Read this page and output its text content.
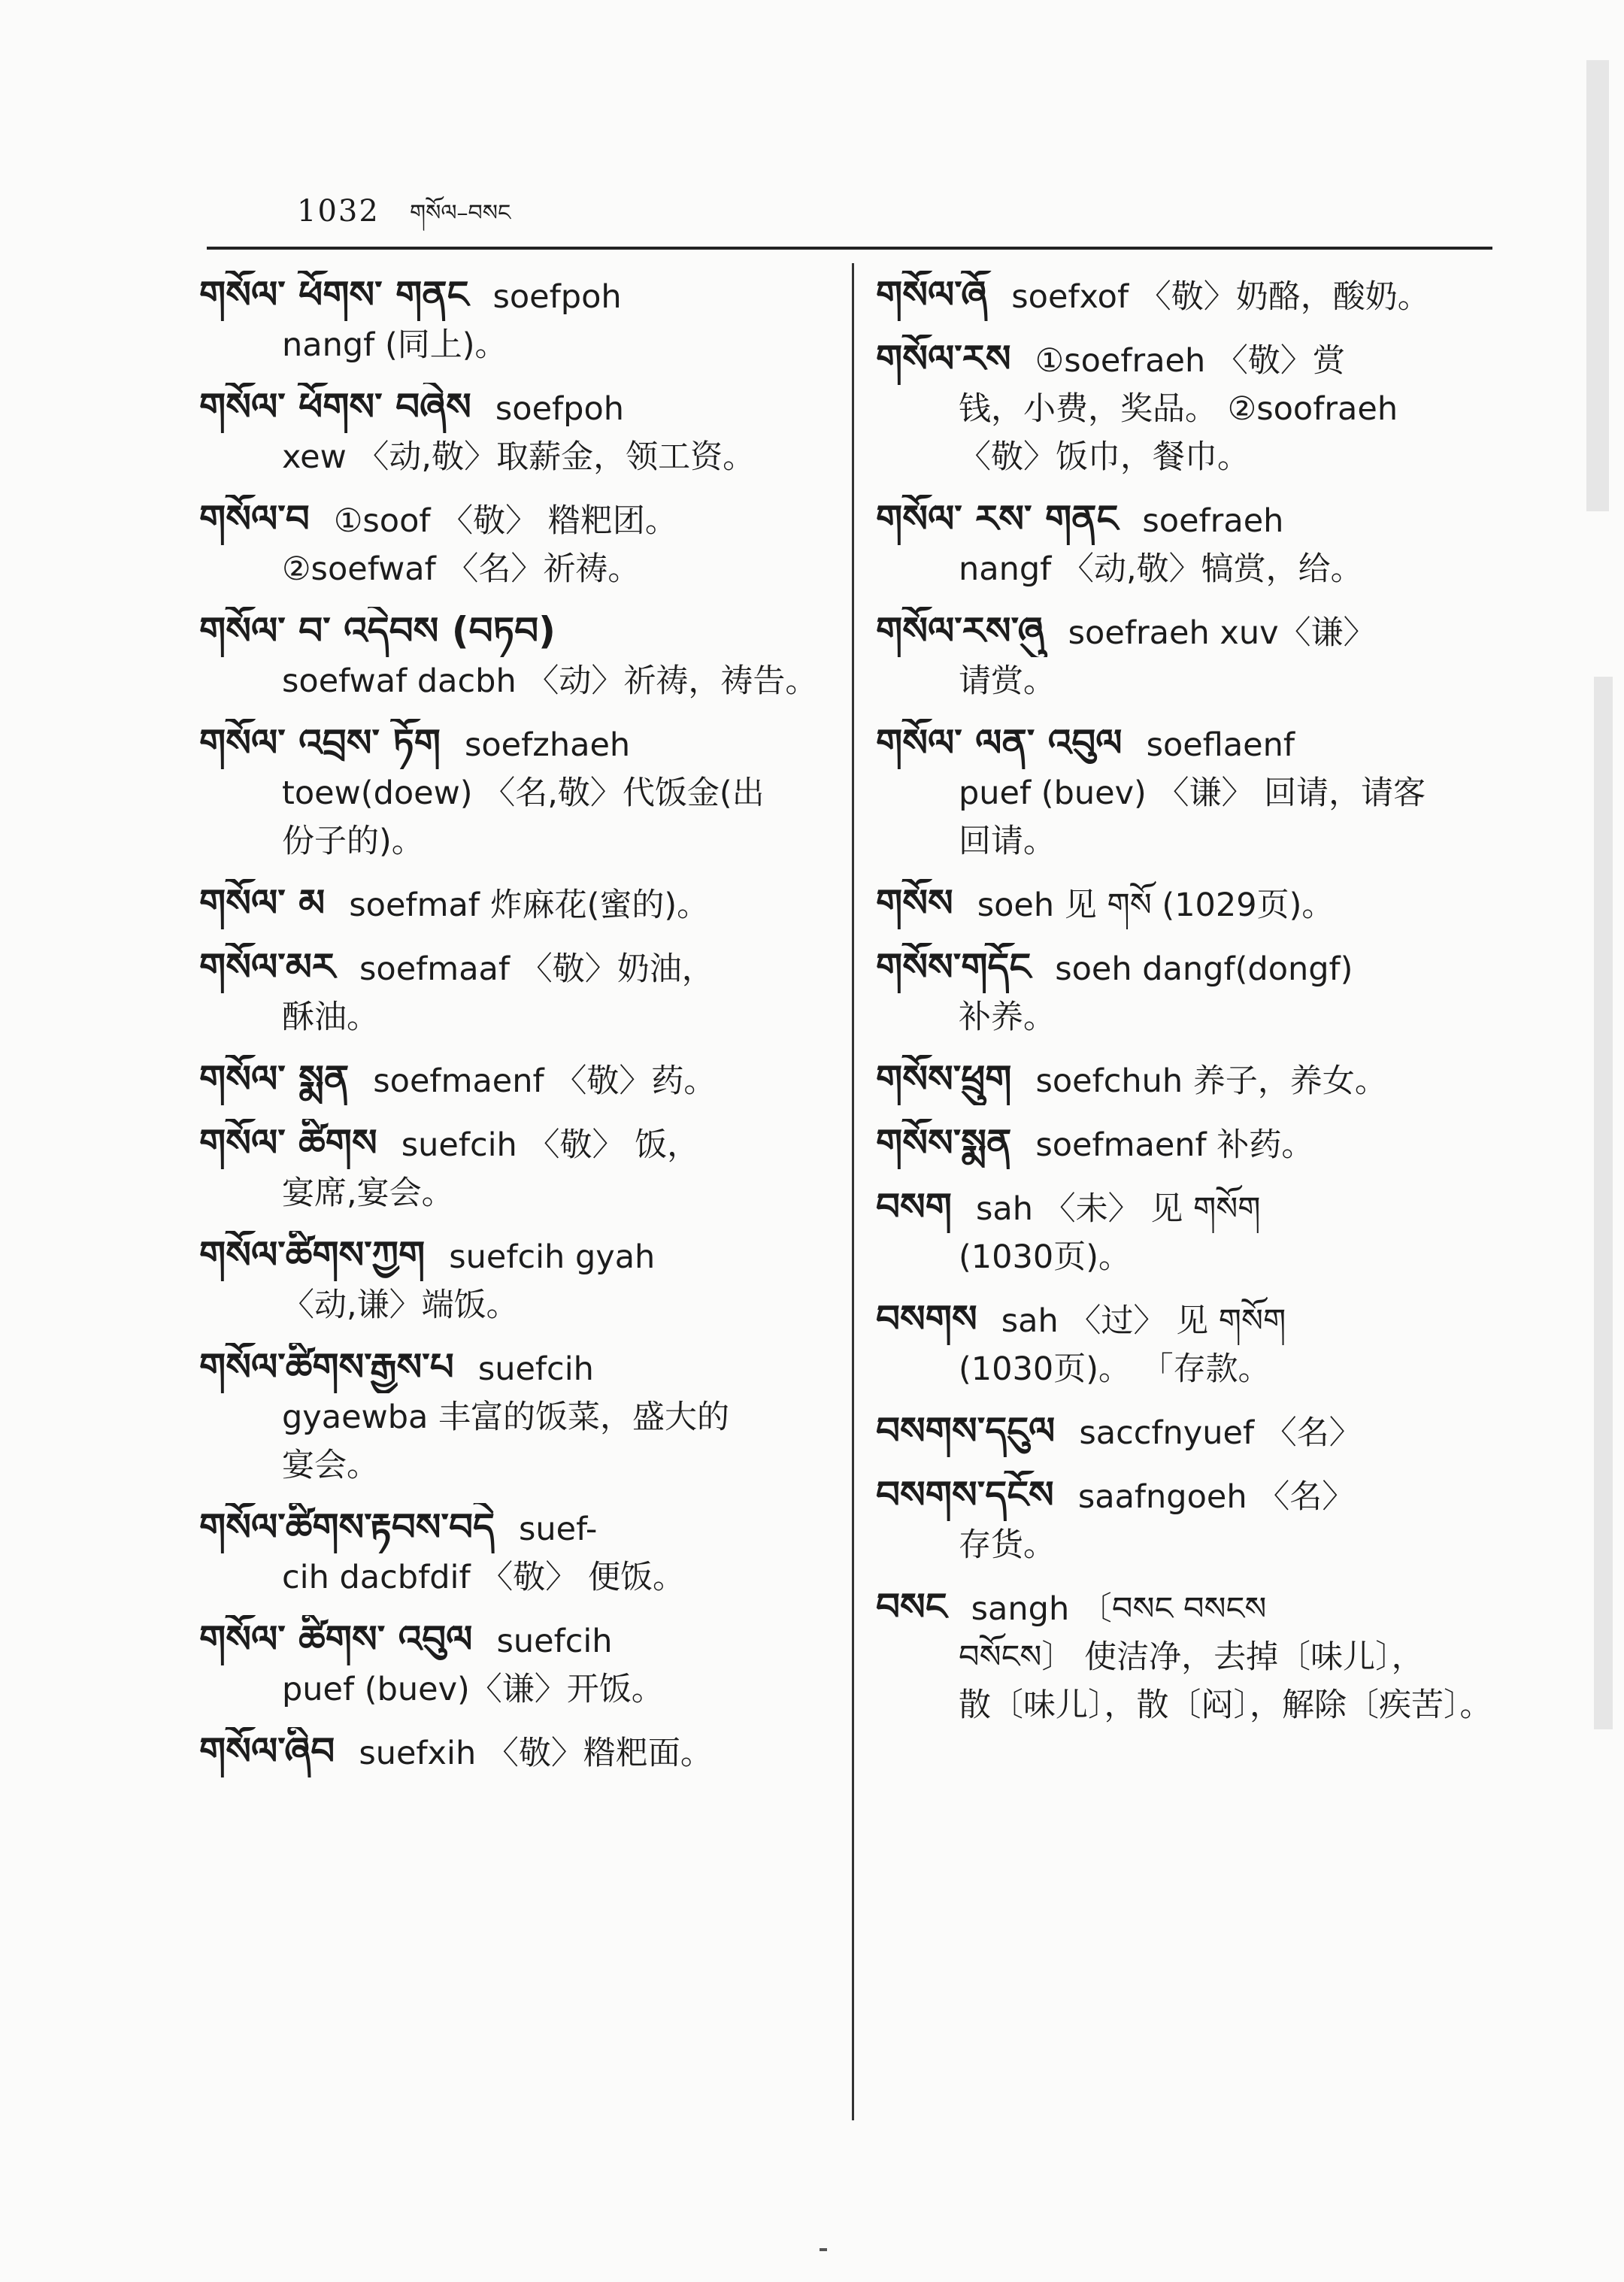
1032 གསོལ–བསང
གསོལ་ ཕོགས་ གནང soefpoh
nangf (同上)。
གསོལ་ ཕོགས་ བཞེས soefpoh
xew 〈动,敬〉取薪金，领工资。
གསོལ་བ ①soof 〈敬〉 糌粑团。
②soefwaf 〈名〉祈祷。
གསོལ་ བ་ འདེབས (བཏབ)
soefwaf dacbh 〈动〉祈祷，祷告。
གསོལ་ འབྲས་ ཏོག soefzhaeh
toew(doew) 〈名,敬〉代饭金(出
份子的)。
གསོལ་ མ soefmaf 炸麻花(蜜的)。
གསོལ་མར soefmaaf 〈敬〉奶油，
酥油。
གསོལ་ སྨན soefmaenf 〈敬〉药。
གསོལ་ ཚིགས suefcih 〈敬〉 饭，
宴席,宴会。
གསོལ་ཚིགས་ཀྱག suefcih gyah
〈动,谦〉端饭。
གསོལ་ཚིགས་རྒྱས་པ suefcih
gyaewba 丰富的饭菜，盛大的
宴会。
གསོལ་ཚིགས་རྟབས་བདེ suef-
cih dacbfdif 〈敬〉 便饭。
གསོལ་ ཚིགས་ འབུལ suefcih
puef (buev)〈谦〉开饭。
གསོལ་ཞིབ suefxih 〈敬〉糌粑面。
གསོལ་ཞོ soefxof 〈敬〉奶酪，酸奶。
གསོལ་རས ①soefraeh 〈敬〉赏
钱，小费，奖品。 ②soofraeh
〈敬〉饭巾，餐巾。
གསོལ་ རས་ གནང soefraeh
nangf 〈动,敬〉犒赏，给。
གསོལ་རས་ཞུ soefraeh xuv〈谦〉
请赏。
གསོལ་ ལན་ འབུལ soeflaenf
puef (buev) 〈谦〉 回请，请客
回请。
གསོས soeh 见 གསོ (1029页)。
གསོས་གདོང soeh dangf(dongf)
补养。
གསོས་ཕྲུག soefchuh 养子，养女。
གསོས་སྨན soefmaenf 补药。
བསག sah 〈未〉 见 གསོག
(1030页)。
བསགས sah 〈过〉 见 གསོག
(1030页)。 「存款。
བསགས་དངུལ saccfnyuef 〈名〉
བསགས་དངོས saafngoeh 〈名〉
存货。
བསང sangh 〔བསང བསངས
བསོངས〕 使洁净，去掉〔味儿〕，
散〔味儿〕，散〔闷〕，解除〔疾苦〕。
